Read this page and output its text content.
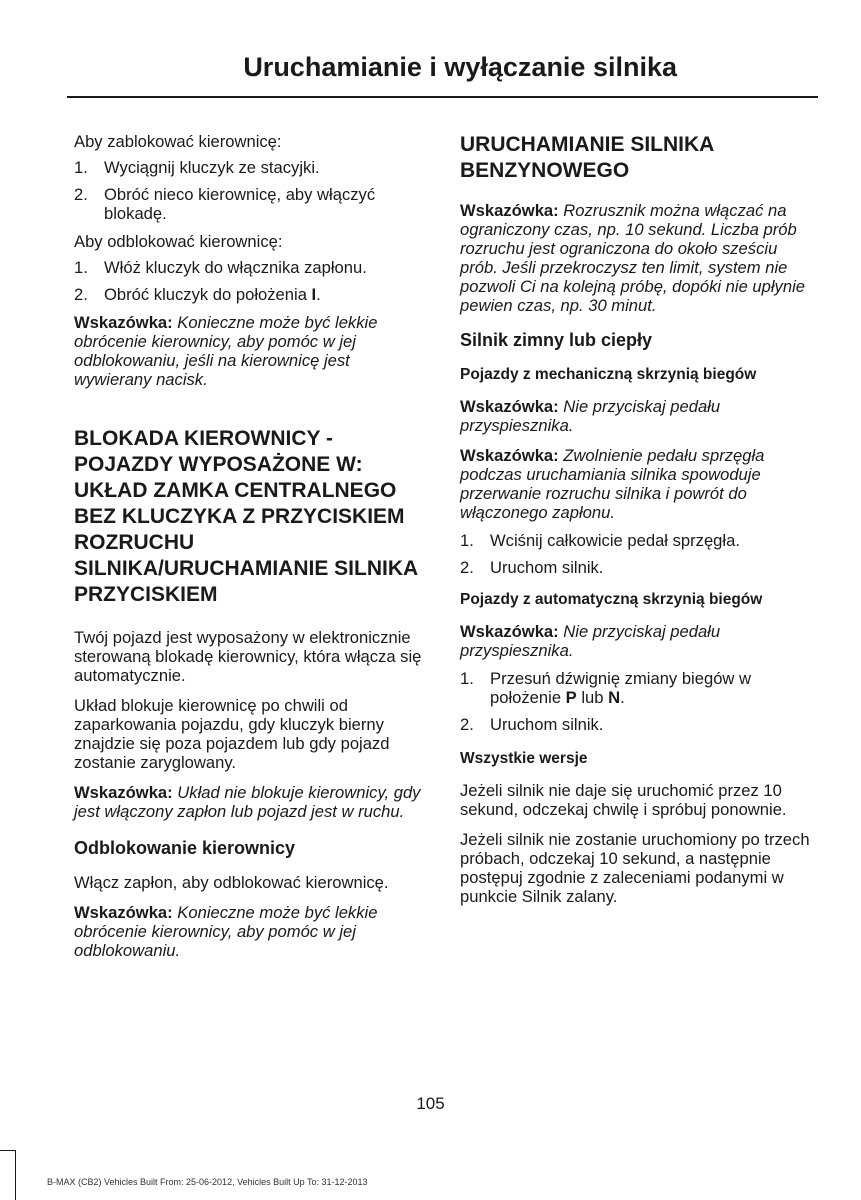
Uruchamianie i wyłączanie silnika

Aby zablokować kierownicę:

1. Wyciągnij kluczyk ze stacyjki.
2. Obróć nieco kierownicę, aby włączyć blokadę.

Aby odblokować kierownicę:

1. Włóż kluczyk do włącznika zapłonu.
2. Obróć kluczyk do położenia I.

Wskazówka: Konieczne może być lekkie obrócenie kierownicy, aby pomóc w jej odblokowaniu, jeśli na kierownicę jest wywierany nacisk.

BLOKADA KIEROWNICY - POJAZDY WYPOSAŻONE W: UKŁAD ZAMKA CENTRALNEGO BEZ KLUCZYKA Z PRZYCISKIEM ROZRUCHU SILNIKA/URUCHAMIANIE SILNIKA PRZYCISKIEM

Twój pojazd jest wyposażony w elektronicznie sterowaną blokadę kierownicy, która włącza się automatycznie.

Układ blokuje kierownicę po chwili od zaparkowania pojazdu, gdy kluczyk bierny znajdzie się poza pojazdem lub gdy pojazd zostanie zaryglowany.

Wskazówka: Układ nie blokuje kierownicy, gdy jest włączony zapłon lub pojazd jest w ruchu.

Odblokowanie kierownicy

Włącz zapłon, aby odblokować kierownicę.

Wskazówka: Konieczne może być lekkie obrócenie kierownicy, aby pomóc w jej odblokowaniu.

URUCHAMIANIE SILNIKA BENZYNOWEGO

Wskazówka: Rozrusznik można włączać na ograniczony czas, np. 10 sekund. Liczba prób rozruchu jest ograniczona do około sześciu prób. Jeśli przekroczysz ten limit, system nie pozwoli Ci na kolejną próbę, dopóki nie upłynie pewien czas, np. 30 minut.

Silnik zimny lub ciepły
Pojazdy z mechaniczną skrzynią biegów

Wskazówka: Nie przyciskaj pedału przyspiesznika.

Wskazówka: Zwolnienie pedału sprzęgła podczas uruchamiania silnika spowoduje przerwanie rozruchu silnika i powrót do włączonego zapłonu.

1. Wciśnij całkowicie pedał sprzęgła.
2. Uruchom silnik.
Pojazdy z automatyczną skrzynią biegów

Wskazówka: Nie przyciskaj pedału przyspiesznika.

1. Przesuń dźwignię zmiany biegów w położenie P lub N.
2. Uruchom silnik.
Wszystkie wersje

Jeżeli silnik nie daje się uruchomić przez 10 sekund, odczekaj chwilę i spróbuj ponownie.

Jeżeli silnik nie zostanie uruchomiony po trzech próbach, odczekaj 10 sekund, a następnie postępuj zgodnie z zaleceniami podanymi w punkcie Silnik zalany.

105
B-MAX (CB2) Vehicles Built From: 25-06-2012, Vehicles Built Up To: 31-12-2013
